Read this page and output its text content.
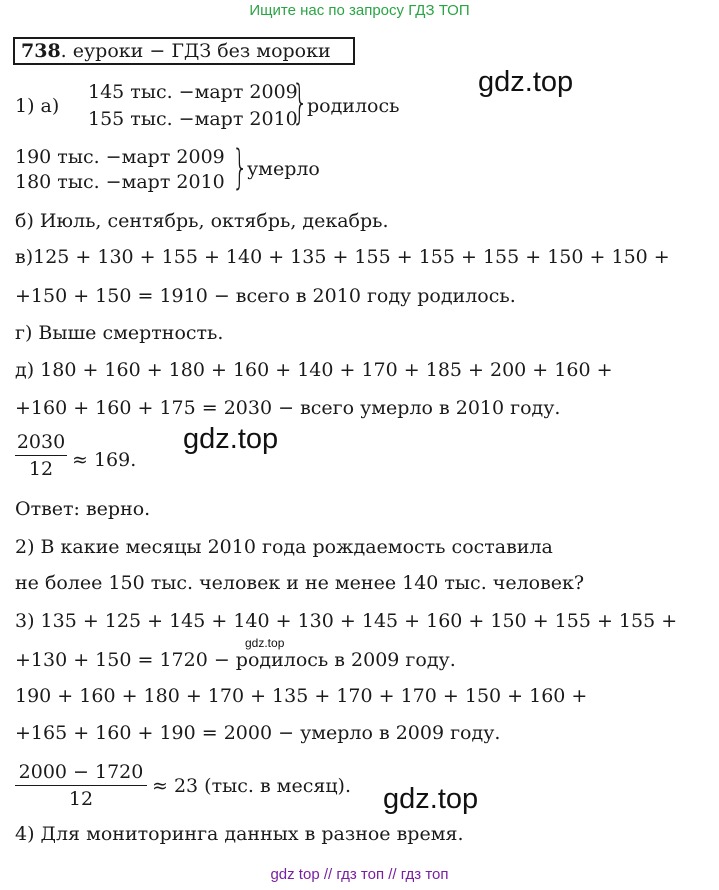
Ищите нас по запросу ГДЗ ТОП
738. еуроки − ГДЗ без мороки
gdz.top
1) а)
145 тыс. −март 2009
155 тыс. −март 2010
}
родилось
190 тыс. −март 2009
180 тыс. −март 2010 }
умерло
б) Июль, сентябрь, октябрь, декабрь.
в)125 + 130 + 155 + 140 + 135 + 155 + 155 + 155 + 150 + 150 +
+150 + 150 = 1910 − всего в 2010 году родилось.
г) Выше смертность.
д) 180 + 160 + 180 + 160 + 140 + 170 + 185 + 200 + 160 +
+160 + 160 + 175 = 2030 − всего умерло в 2010 году.
gdz.top
2030
12 ≈ 169.
Ответ: верно.
2) В какие месяцы 2010 года рождаемость составила
не более 150 тыс. человек и не менее 140 тыс. человек?
3) 135 + 125 + 145 + 140 + 130 + 145 + 160 + 150 + 155 + 155 +
gdz.top
+130 + 150 = 1720 − родилось в 2009 году.
190 + 160 + 180 + 170 + 135 + 170 + 170 + 150 + 160 +
+165 + 160 + 190 = 2000 − умерло в 2009 году.
2000 − 1720
12
≈ 23 (тыс. в месяц). gdz.top
4) Для мониторинга данных в разное время.
gdz top // гдз топ // гдз топ
